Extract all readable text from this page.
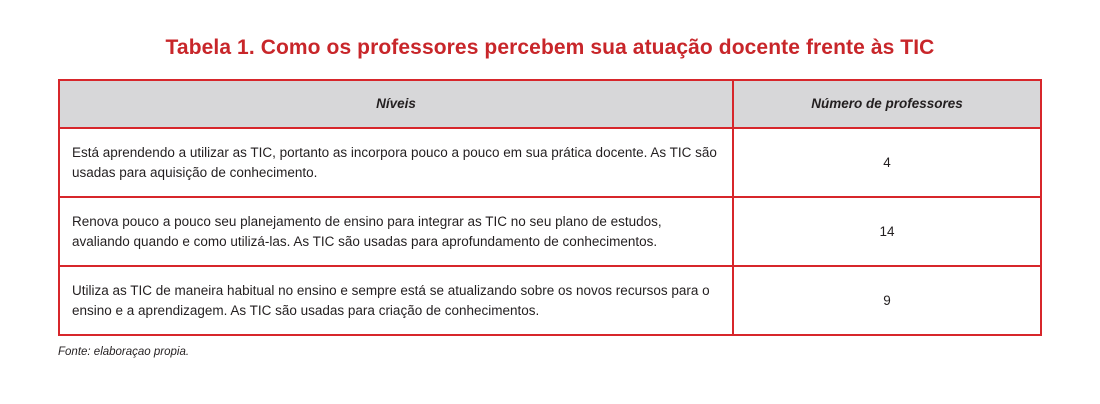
Tabela 1. Como os professores percebem sua atuação docente frente às TIC
Níveis	Número de professores
Está aprendendo a utilizar as TIC, portanto as incorpora pouco a pouco em sua prática docente. As TIC são usadas para aquisição de conhecimento.
4
Renova pouco a pouco seu planejamento de ensino para integrar as TIC no seu plano de estudos, avaliando quando e como utilizá-las. As TIC são usadas para aprofundamento de conhecimentos.
14
Utiliza as TIC de maneira habitual no ensino e sempre está se atualizando sobre os novos recursos para o ensino e a aprendizagem. As TIC são usadas para criação de conhecimentos.
9
Fonte: elaboraçao propia.
